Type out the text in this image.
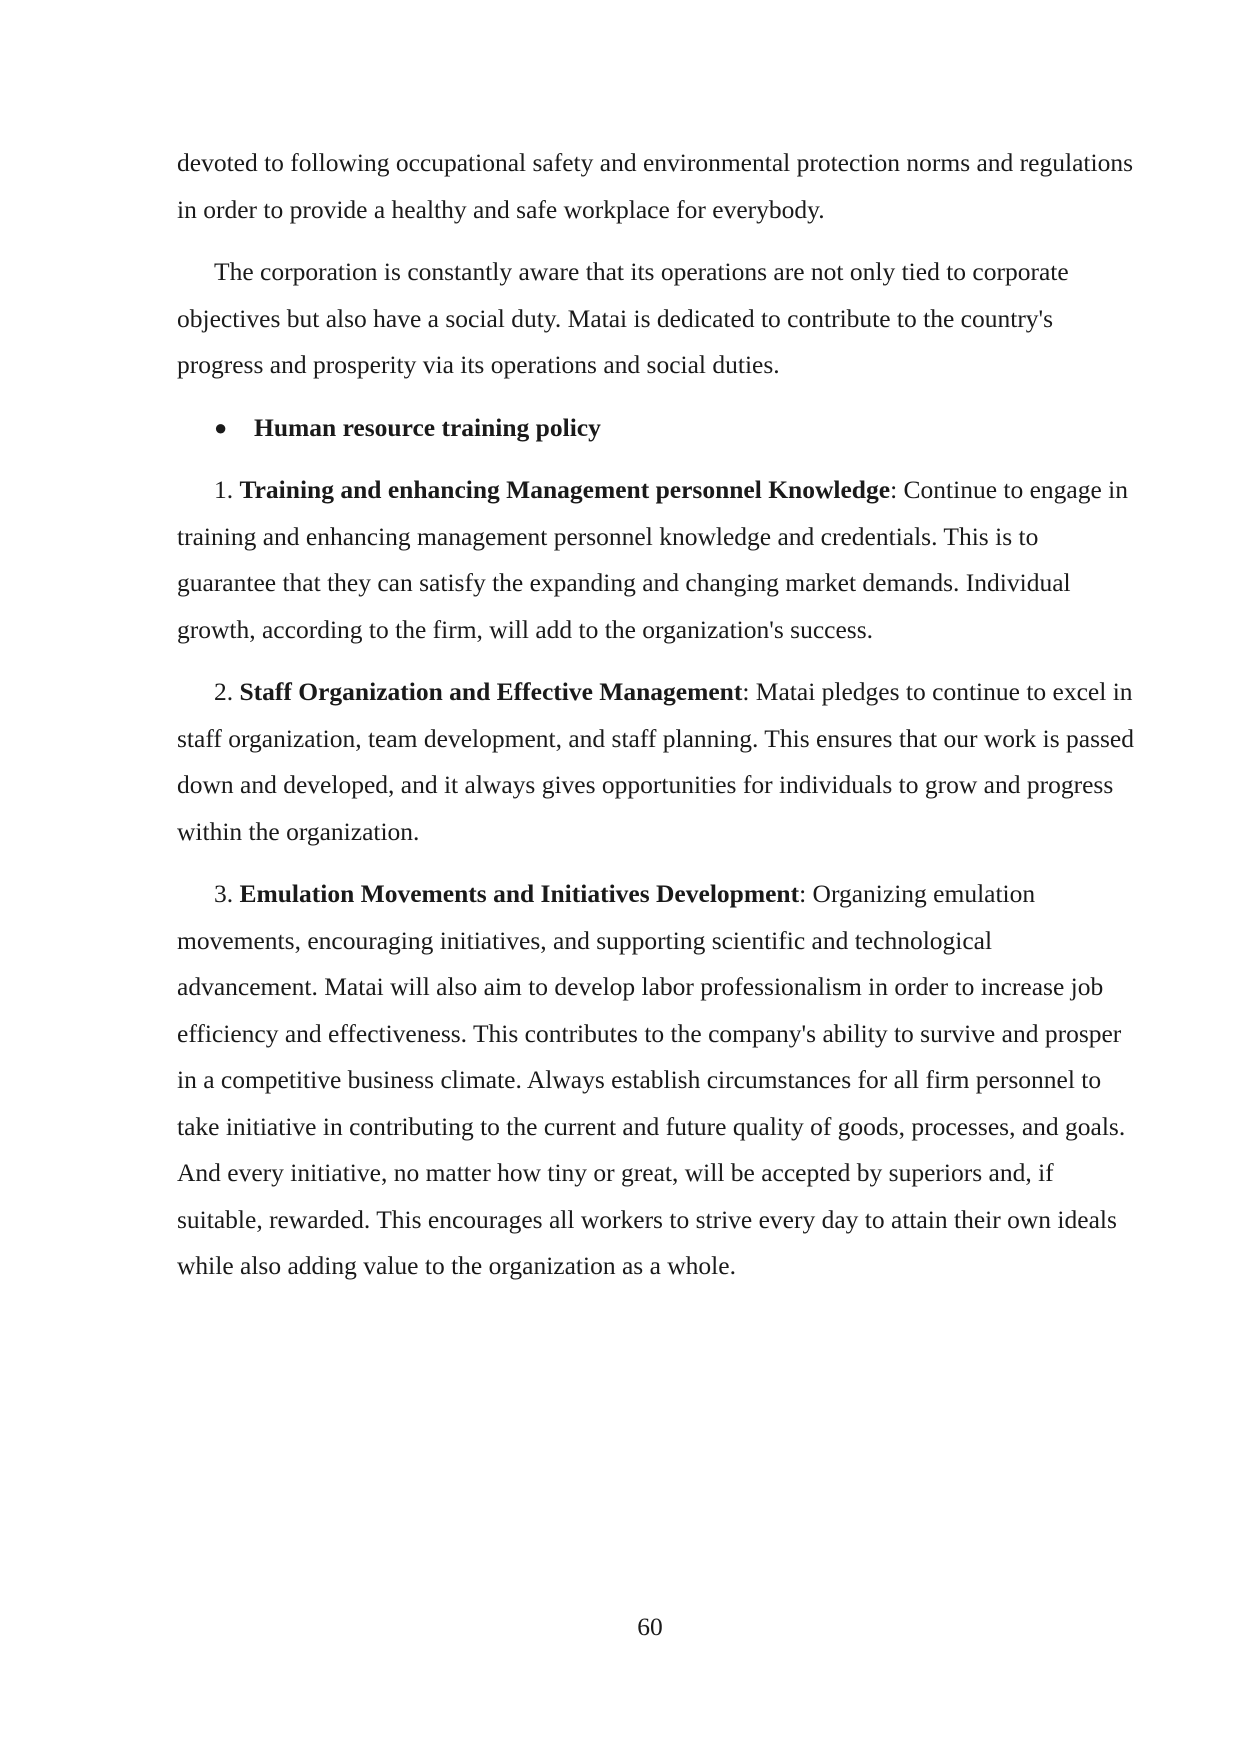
devoted to following occupational safety and environmental protection norms and regulations in order to provide a healthy and safe workplace for everybody.

The corporation is constantly aware that its operations are not only tied to corporate objectives but also have a social duty. Matai is dedicated to contribute to the country's progress and prosperity via its operations and social duties.

●	Human resource training policy

1. Training and enhancing Management personnel Knowledge: Continue to engage in training and enhancing management personnel knowledge and credentials. This is to guarantee that they can satisfy the expanding and changing market demands. Individual growth, according to the firm, will add to the organization's success.

2. Staff Organization and Effective Management: Matai pledges to continue to excel in staff organization, team development, and staff planning. This ensures that our work is passed down and developed, and it always gives opportunities for individuals to grow and progress within the organization.

3. Emulation Movements and Initiatives Development: Organizing emulation movements, encouraging initiatives, and supporting scientific and technological advancement. Matai will also aim to develop labor professionalism in order to increase job efficiency and effectiveness. This contributes to the company's ability to survive and prosper in a competitive business climate. Always establish circumstances for all firm personnel to take initiative in contributing to the current and future quality of goods, processes, and goals. And every initiative, no matter how tiny or great, will be accepted by superiors and, if suitable, rewarded. This encourages all workers to strive every day to attain their own ideals while also adding value to the organization as a whole.

60
